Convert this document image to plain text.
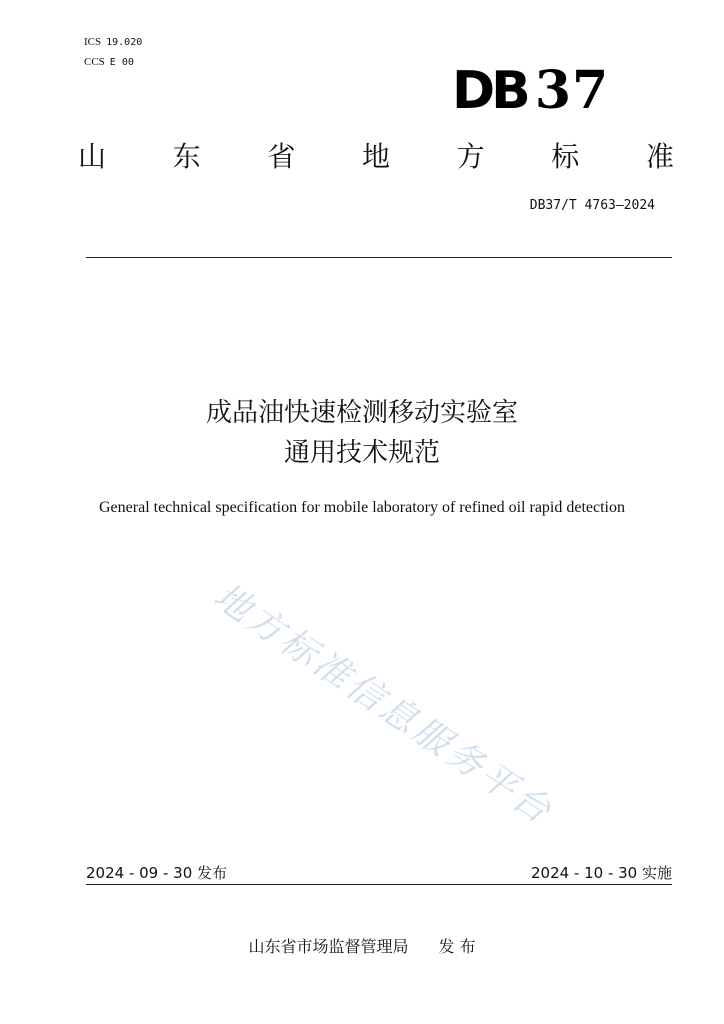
ICS 19.020
CCS E 00	DB 37
山 东 省 地 方 标 准
DB37/T 4763—2024
成品油快速检测移动实验室
通用技术规范
General technical specification for mobile laboratory of refined oil rapid detection
地方标准信息服务平台
2024 - 09 - 30 发布	2024 - 10 - 30 实施
山东省市场监督管理局 发 布
